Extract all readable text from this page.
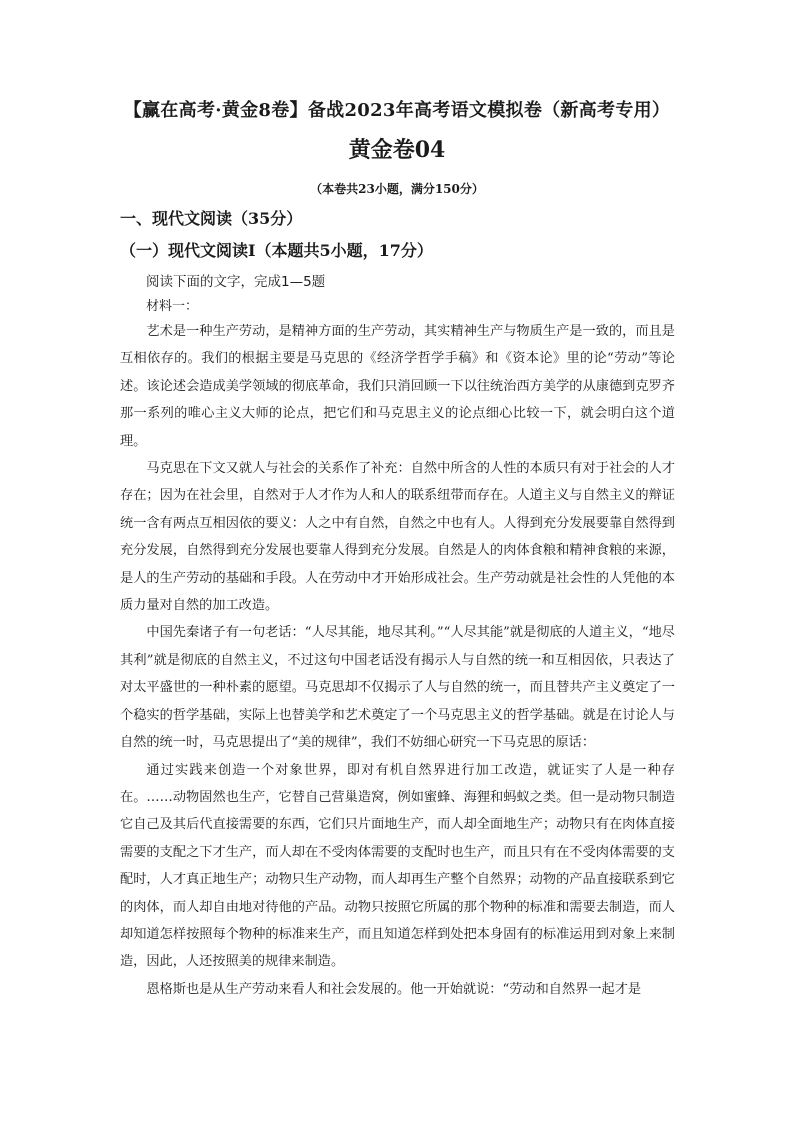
【赢在高考·黄金8卷】备战2023年高考语文模拟卷（新高考专用）
黄金卷04
（本卷共23小题，满分150分）
一、现代文阅读（35分）
（一）现代文阅读Ⅰ（本题共5小题，17分）
阅读下面的文字，完成1—5题
材料一：

艺术是一种生产劳动，是精神方面的生产劳动，其实精神生产与物质生产是一致的，而且是互相依存的。我们的根据主要是马克思的《经济学哲学手稿》和《资本论》里的论“劳动”等论述。该论述会造成美学领域的彻底革命，我们只消回顾一下以往统治西方美学的从康德到克罗齐那一系列的唯心主义大师的论点，把它们和马克思主义的论点细心比较一下，就会明白这个道理。

马克思在下文又就人与社会的关系作了补充：自然中所含的人性的本质只有对于社会的人才存在；因为在社会里，自然对于人才作为人和人的联系纽带而存在。人道主义与自然主义的辩证统一含有两点互相因依的要义：人之中有自然，自然之中也有人。人得到充分发展要靠自然得到充分发展，自然得到充分发展也要靠人得到充分发展。自然是人的肉体食粮和精神食粮的来源，是人的生产劳动的基础和手段。人在劳动中才开始形成社会。生产劳动就是社会性的人凭他的本质力量对自然的加工改造。

中国先秦诸子有一句老话：“人尽其能，地尽其利。”“人尽其能”就是彻底的人道主义，“地尽其利”就是彻底的自然主义，不过这句中国老话没有揭示人与自然的统一和互相因依，只表达了对太平盛世的一种朴素的愿望。马克思却不仅揭示了人与自然的统一，而且替共产主义奠定了一个稳实的哲学基础，实际上也替美学和艺术奠定了一个马克思主义的哲学基础。就是在讨论人与自然的统一时，马克思提出了“美的规律”，我们不妨细心研究一下马克思的原话：

通过实践来创造一个对象世界，即对有机自然界进行加工改造，就证实了人是一种存在。……动物固然也生产，它替自己营巢造窝，例如蜜蜂、海狸和蚂蚁之类。但一是动物只制造它自己及其后代直接需要的东西，它们只片面地生产，而人却全面地生产；动物只有在肉体直接需要的支配之下才生产，而人却在不受肉体需要的支配时也生产，而且只有在不受肉体需要的支配时，人才真正地生产；动物只生产动物，而人却再生产整个自然界；动物的产品直接联系到它的肉体，而人却自由地对待他的产品。动物只按照它所属的那个物种的标准和需要去制造，而人却知道怎样按照每个物种的标准来生产，而且知道怎样到处把本身固有的标准运用到对象上来制造，因此，人还按照美的规律来制造。

恩格斯也是从生产劳动来看人和社会发展的。他一开始就说：“劳动和自然界一起才是
